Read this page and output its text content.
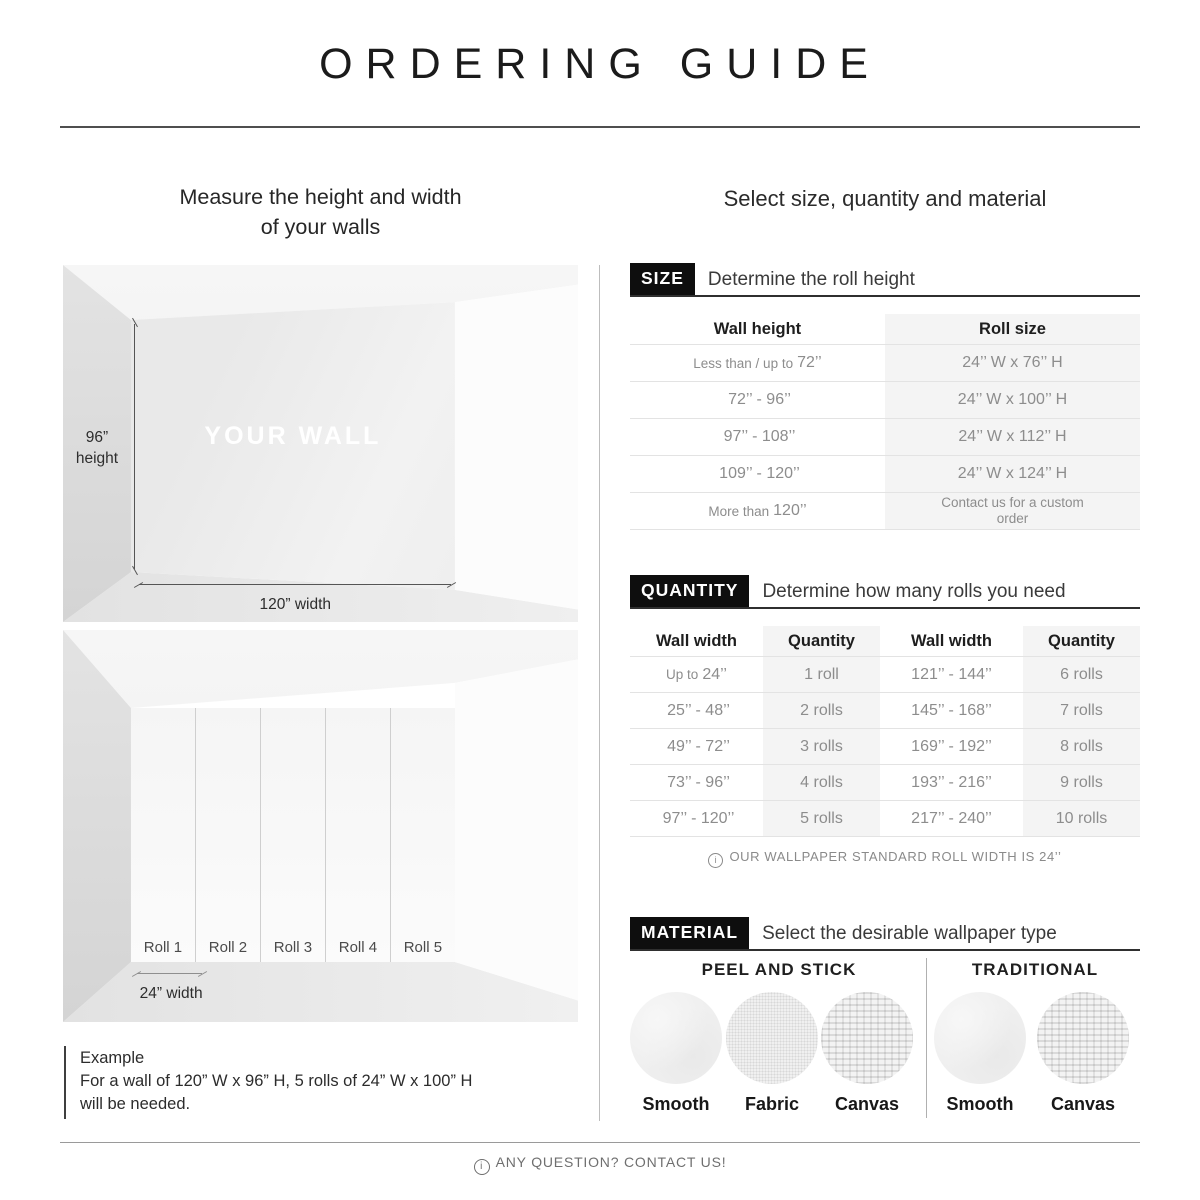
ORDERING GUIDE
Measure the height and width
of your walls
YOUR WALL
96”
height
120” width
Roll 1	Roll 2	Roll 3	Roll 4	Roll 5
24” width
Example
For a wall of 120” W x 96” H, 5 rolls of 24” W x 100” H
will be needed.
Select size, quantity and material
SIZE	Determine the roll height
Wall height	Roll size
Less than / up to 72’’	24’’ W x 76’’ H
72’’ - 96’’	24’’ W x 100’’ H
97’’ - 108’’	24’’ W x 112’’ H
109’’ - 120’’	24’’ W x 124’’ H
More than 120’’	Contact us for a custom order
QUANTITY	Determine how many rolls you need
Wall width	Quantity	Wall width	Quantity
Up to 24’’	1 roll	121’’ - 144’’	6 rolls
25’’ - 48’’	2 rolls	145’’ - 168’’	7 rolls
49’’ - 72’’	3 rolls	169’’ - 192’’	8 rolls
73’’ - 96’’	4 rolls	193’’ - 216’’	9 rolls
97’’ - 120’’	5 rolls	217’’ - 240’’	10 rolls
i OUR WALLPAPER STANDARD ROLL WIDTH IS 24’’
MATERIAL	Select the desirable wallpaper type
PEEL AND STICK	TRADITIONAL
Smooth	Fabric	Canvas	Smooth	Canvas
i ANY QUESTION? CONTACT US!
